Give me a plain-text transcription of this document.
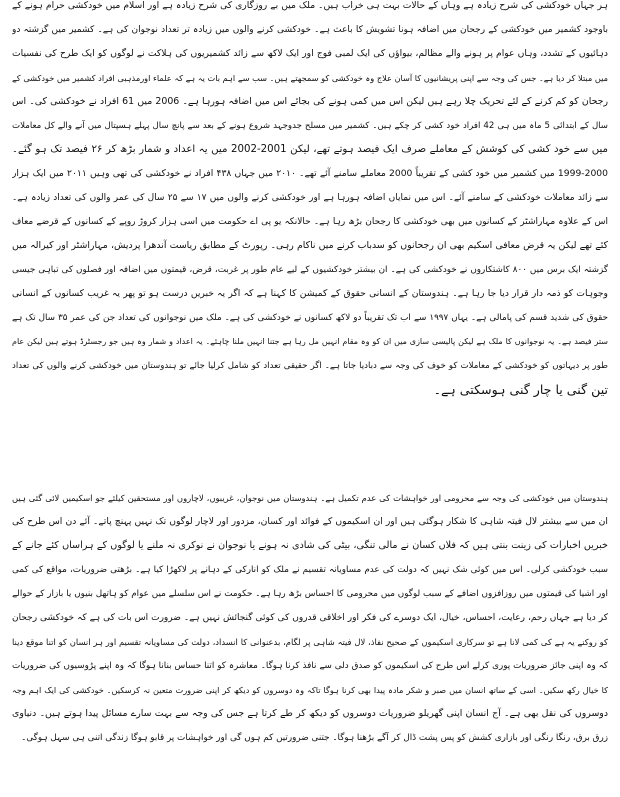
ہر جہاں خودکشی کی شرح زیادہ ہے وہاں کے حالات بہت ہی خراب ہیں۔ ملک میں بے روزگاری کی شرح زیادہ ہے اور اسلام میں خودکشی حرام ہونے کے
باوجود کشمیر میں خودکشی کے رجحان میں اضافہ ہونا تشویش کا باعث ہے۔ خودکشی کرنے والوں میں زیادہ تر تعداد نوجوان کی ہے۔ کشمیر میں گزشتہ دو
دہائیوں کے تشدد، وہاں عوام پر ہونے والے مظالم، بیواؤں کی ایک لمبی فوج اور ایک لاکھ سے زائد کشمیریوں کی ہلاکت نے لوگوں کو ایک طرح کی نفسیات
میں مبتلا کر دیا ہے۔ جس کی وجہ سے اپنی پریشانیوں کا آسان علاج وہ خودکشی کو سمجھتے ہیں۔ سب سے اہم بات یہ ہے کہ علماء اورمذہبی افراد کشمیر میں خودکشی کے
رجحان کو کم کرنے کے لئے تحریک چلا رہے ہیں لیکن اس میں کمی ہونے کی بجائے اس میں اضافہ ہورہا ہے۔ 2006 میں 61 افراد نے خودکشی کی۔ اس
سال کے ابتدائی 5 ماہ میں ہی 42 افراد خود کشی کر چکے ہیں۔ کشمیر میں مسلح جدوجہد شروع ہونے کے بعد سے پانچ سال پہلے ہسپتال میں آنے والے کل معاملات
میں سے خود کشی کی کوشش کے معاملے صرف ایک فیصد ہوتے تھے، لیکن 2001-2002 میں یہ اعداد و شمار بڑھ کر ۲۶ فیصد تک ہو گئے۔
1999-2000 میں کشمیر میں خود کشی کے تقریباً 2000 معاملے سامنے آئے تھے۔ ۲۰۱۰ میں جہاں ۴۳۸ افراد نے خودکشی کی تھی وہیں ۲۰۱۱ میں ایک ہزار
سے زائد معاملات خودکشی کے سامنے آئے۔ اس میں نمایاں اضافہ ہورہا ہے اور خودکشی کرنے والوں میں ۱۷ سے ۲۵ سال کی عمر والوں کی تعداد زیادہ ہے۔
اس کے علاوہ مہاراشٹر کے کسانوں میں بھی خودکشی کا رجحان بڑھ رہا ہے۔ حالانکہ یو پی اے حکومت میں اسی ہزار کروڑ روپے کے کسانوں کے قرضے معاف
کئے تھے لیکن یہ قرض معافی اسکیم بھی ان رجحانوں کو سدباب کرنے میں ناکام رہی۔ رپورٹ کے مطابق ریاست آندھرا پردیش، مہاراشٹر اور کیرالہ میں
گزشتہ ایک برس میں ۸۰۰ کاشتکاروں نے خودکشی کی ہے۔ ان بیشتر خودکشیوں کے لیے عام طور پر غربت، قرض، قیمتوں میں اضافہ اور فصلوں کی تباہی جیسی
وجوہات کو ذمہ دار قرار دیا جا رہا ہے۔ ہندوستان کے انسانی حقوق کے کمیشن کا کہنا ہے کہ اگر یہ خبریں درست ہو تو پھر یہ غریب کسانوں کے انسانی
حقوق کی شدید قسم کی پامالی ہے۔ یہاں ۱۹۹۷ سے اب تک تقریباً دو لاکھ کسانوں نے خودکشی کی ہے۔ ملک میں نوجوانوں کی تعداد جن کی عمر ۳۵ سال تک ہے
ستر فیصد ہے۔ یہ نوجوانوں کا ملک ہے لیکن پالیسی سازی میں ان کو وہ مقام انہیں مل رہا ہے جتنا انہیں ملنا چاہئے۔ یہ اعداد و شمار وہ ہیں جو رجسٹرڈ ہوتے ہیں لیکن عام
طور پر دیہاتوں کو خودکشی کے معاملات کو خوف کی وجہ سے دبادیا جاتا ہے۔ اگر حقیقی تعداد کو شامل کرلیا جائے تو ہندوستان میں خودکشی کرنے والوں کی تعداد
تین گنی یا چار گنی ہوسکتی ہے۔
ہندوستان میں خودکشی کی وجہ سے محرومی اور خواہشات کی عدم تکمیل ہے۔ ہندوستان میں نوجوان، غریبوں، لاچاروں اور مستحقین کیلئے جو اسکیمیں لائی گئی ہیں
ان میں سے بیشتر لال فیتہ شاہی کا شکار ہوگئی ہیں اور ان اسکیموں کے فوائد اور کسان، مزدور اور لاچار لوگوں تک نہیں پہنچ پاتے۔ آئے دن اس طرح کی
خبریں اخبارات کی زینت بنتی ہیں کہ فلاں کسان نے مالی تنگی، بیٹی کی شادی نہ ہونے یا نوجوان نے نوکری نہ ملنے یا لوگوں کے ہراساں کئے جانے کے
سبب خودکشی کرلی۔ اس میں کوئی شک نہیں کہ دولت کی عدم مساویانہ تقسیم نے ملک کو انارکی کے دہانے پر لاکھڑا کیا ہے۔ بڑھتی ضروریات، مواقع کی کمی
اور اشیا کی قیمتوں میں روزافزوں اضافے کے سبب لوگوں میں محرومی کا احساس بڑھ رہا ہے۔ حکومت نے اس سلسلے میں عوام کو ہاتھل بنیوں یا بازار کے حوالے
کر دیا ہے جہاں رحم، رعایت، احساس، خیال، ایک دوسرے کی فکر اور اخلاقی قدروں کی کوئی گنجائش نہیں ہے۔ ضرورت اس بات کی ہے کہ خودکشی رجحان
کو روکنے یہ ہے کی کمی لانا ہے تو سرکاری اسکیموں کے صحیح نفاذ، لال فیتہ شاہی پر لگام، بدعنوانی کا انسداد، دولت کی مساویانہ تقسیم اور ہر انسان کو اتنا موقع دینا
کہ وہ اپنی جائز ضروریات پوری کرلے اس طرح کی اسکیموں کو صدق دلی سے نافذ کرنا ہوگا۔ معاشرہ کو اتنا حساس بنانا ہوگا کہ وہ اپنے پڑوسیوں کی ضروریات
کا خیال رکھ سکیں۔ اسی کے ساتھ انسان میں صبر و شکر مادہ پیدا بھی کرنا ہوگا تاکہ وہ دوسروں کو دیکھ کر اپنی ضرورت متعین نہ کرسکیں۔ خودکشی کی ایک اہم وجہ
دوسروں کی نقل بھی ہے۔ آج انسان اپنی گھریلو ضروریات دوسروں کو دیکھ کر طے کرتا ہے جس کی وجہ سے بہت سارے مسائل پیدا ہوتے ہیں۔ دنیاوی
زرق برق، رنگا رنگی اور بازاری کشش کو پس پشت ڈال کر آگے بڑھنا ہوگا۔ جتنی ضرورتیں کم ہوں گی اور خواہشات پر قابو ہوگا زندگی اتنی ہی سہل ہوگی۔
